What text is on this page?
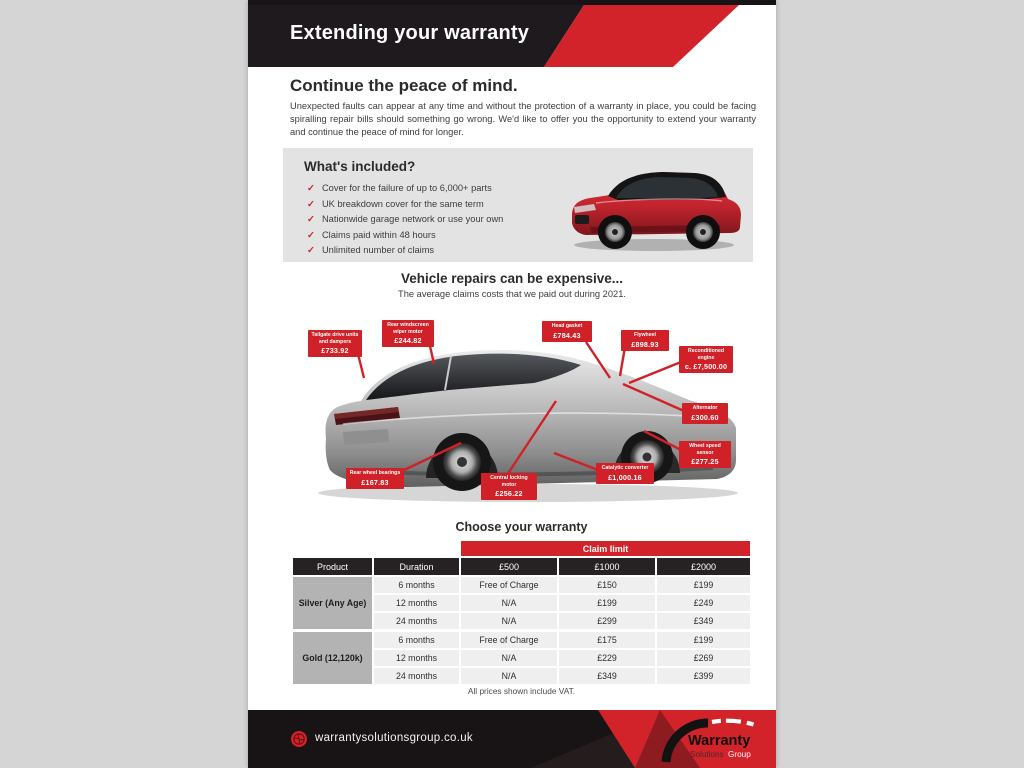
Extending your warranty
Continue the peace of mind.
Unexpected faults can appear at any time and without the protection of a warranty in place, you could be facing spiralling repair bills should something go wrong. We'd like to offer you the opportunity to extend your warranty and continue the peace of mind for longer.
What's included?
✓ Cover for the failure of up to 6,000+ parts
✓ UK breakdown cover for the same term
✓ Nationwide garage network or use your own
✓ Claims paid within 48 hours
✓ Unlimited number of claims
Vehicle repairs can be expensive...
The average claims costs that we paid out during 2021.
Tailgate drive units and dampers
£733.92
Rear windscreen wiper motor
£244.82
Head gasket
£784.43	Flywheel
£898.93
Reconditioned engine
c. £7,500.00
Alternator
£300.60
Wheel speed sensor
£277.25
Rear wheel bearings
£167.83	Central locking motor
£256.22
Catalytic converter
£1,000.16
Choose your warranty
Claim limit
Product	Duration	£500	£1000	£2000
Silver (Any Age)
6 months	Free of Charge	£150	£199
12 months	N/A	£199	£249
24 months	N/A	£299	£349
Gold (12,120k)
6 months	Free of Charge	£175	£199
12 months	N/A	£229	£269
24 months	N/A	£349	£399
All prices shown include VAT.
warrantysolutionsgroup.co.uk	Warranty
Solutions Group
